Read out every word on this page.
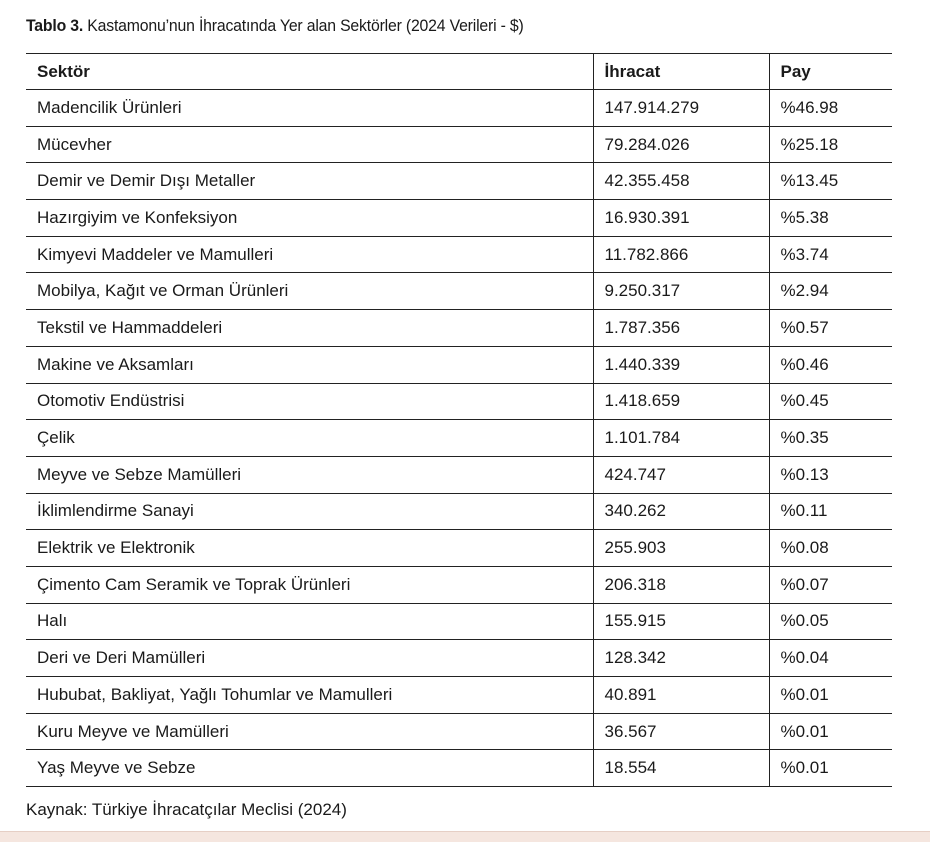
Tablo 3. Kastamonu’nun İhracatında Yer alan Sektörler (2024 Verileri - $)
Sektör	İhracat	Pay
Madencilik Ürünleri	147.914.279	%46.98
Mücevher	79.284.026	%25.18
Demir ve Demir Dışı Metaller	42.355.458	%13.45
Hazırgiyim ve Konfeksiyon	16.930.391	%5.38
Kimyevi Maddeler ve Mamulleri	11.782.866	%3.74
Mobilya, Kağıt ve Orman Ürünleri	9.250.317	%2.94
Tekstil ve Hammaddeleri	1.787.356	%0.57
Makine ve Aksamları	1.440.339	%0.46
Otomotiv Endüstrisi	1.418.659	%0.45
Çelik	1.101.784	%0.35
Meyve ve Sebze Mamülleri	424.747	%0.13
İklimlendirme Sanayi	340.262	%0.11
Elektrik ve Elektronik	255.903	%0.08
Çimento Cam Seramik ve Toprak Ürünleri	206.318	%0.07
Halı	155.915	%0.05
Deri ve Deri Mamülleri	128.342	%0.04
Hububat, Bakliyat, Yağlı Tohumlar ve Mamulleri	40.891	%0.01
Kuru Meyve ve Mamülleri	36.567	%0.01
Yaş Meyve ve Sebze	18.554	%0.01
Kaynak: Türkiye İhracatçılar Meclisi (2024)
